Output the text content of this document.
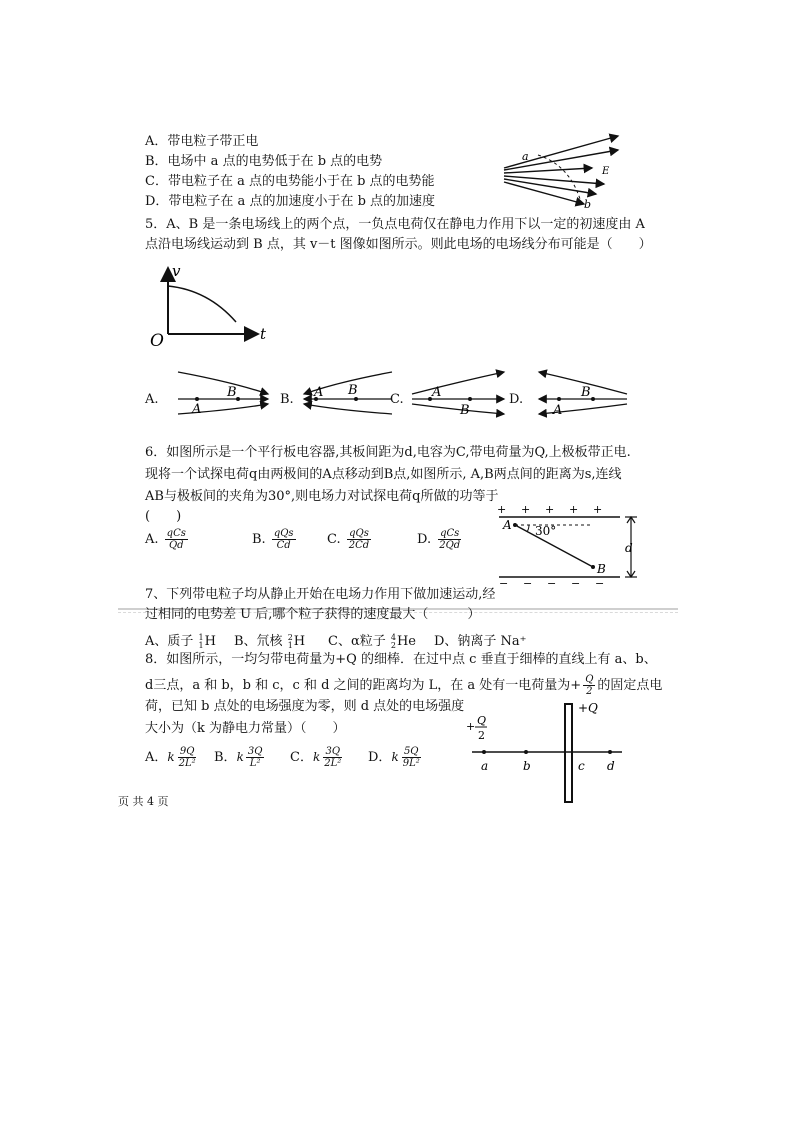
A．带电粒子带正电
B．电场中 a 点的电势低于在 b 点的电势
C．带电粒子在 a 点的电势能小于在 b 点的电势能
D．带电粒子在 a 点的加速度小于在 b 点的加速度
a
b
E
5．A、B 是一条电场线上的两个点，一负点电荷仅在静电力作用下以一定的初速度由 A
点沿电场线运动到 B 点，其 v－t 图像如图所示。则此电场的电场线分布可能是（　　）
v
t
O
A.	B
A
B. A B
C. A
B
D.	B
A
6．如图所示是一个平行板电容器,其板间距为d,电容为C,带电荷量为Q,上极板带正电.
现将一个试探电荷q由两极间的A点移动到B点,如图所示, A,B两点间的距离为s,连线
AB与极板间的夹角为30°,则电场力对试探电荷q所做的功等于
(　　)
A. $\frac{\text{qCs}}{Qd}$	B. $\frac{\text{qQs}}{Cd} C$. $\frac{\text{qQs}}{2Cd}$	D. $\frac{\text{qCs}}{2Qd}$
+ + + + +
− − − − −
A
B
30°
d
7、下列带电粒子均从静止开始在电场力作用下做加速运动,经
过相同的电势差 U 后,哪个粒子获得的速度最大（　　　）
A、质子 1
1 H B、氘核 2
1 H C、α粒子 4
2 He D、钠离子 Na⁺
8．如图所示，一均匀带电荷量为+Q 的细棒．在过中点 c 垂直于细棒的直线上有 a、b、
d三点，a 和 b，b 和 c，c 和 d 之间的距离均为 L，在 a 处有一电荷量为+ $\frac{Q}{2}$ 的固定点电
荷，已知 b 点处的电场强度为零，则 d 点处的电场强度
大小为（k 为静电力常量）（　　）
A．k $\frac{9Q}{\text{2L²}}$ B．k $\frac{3Q}{\text{L²}}$ C．k $\frac{3Q}{\text{2L²}}$ D．k $\frac{5Q}{\text{9L²}}$
+Q
+ Q
2
a	b	c d
页 共 4 页
